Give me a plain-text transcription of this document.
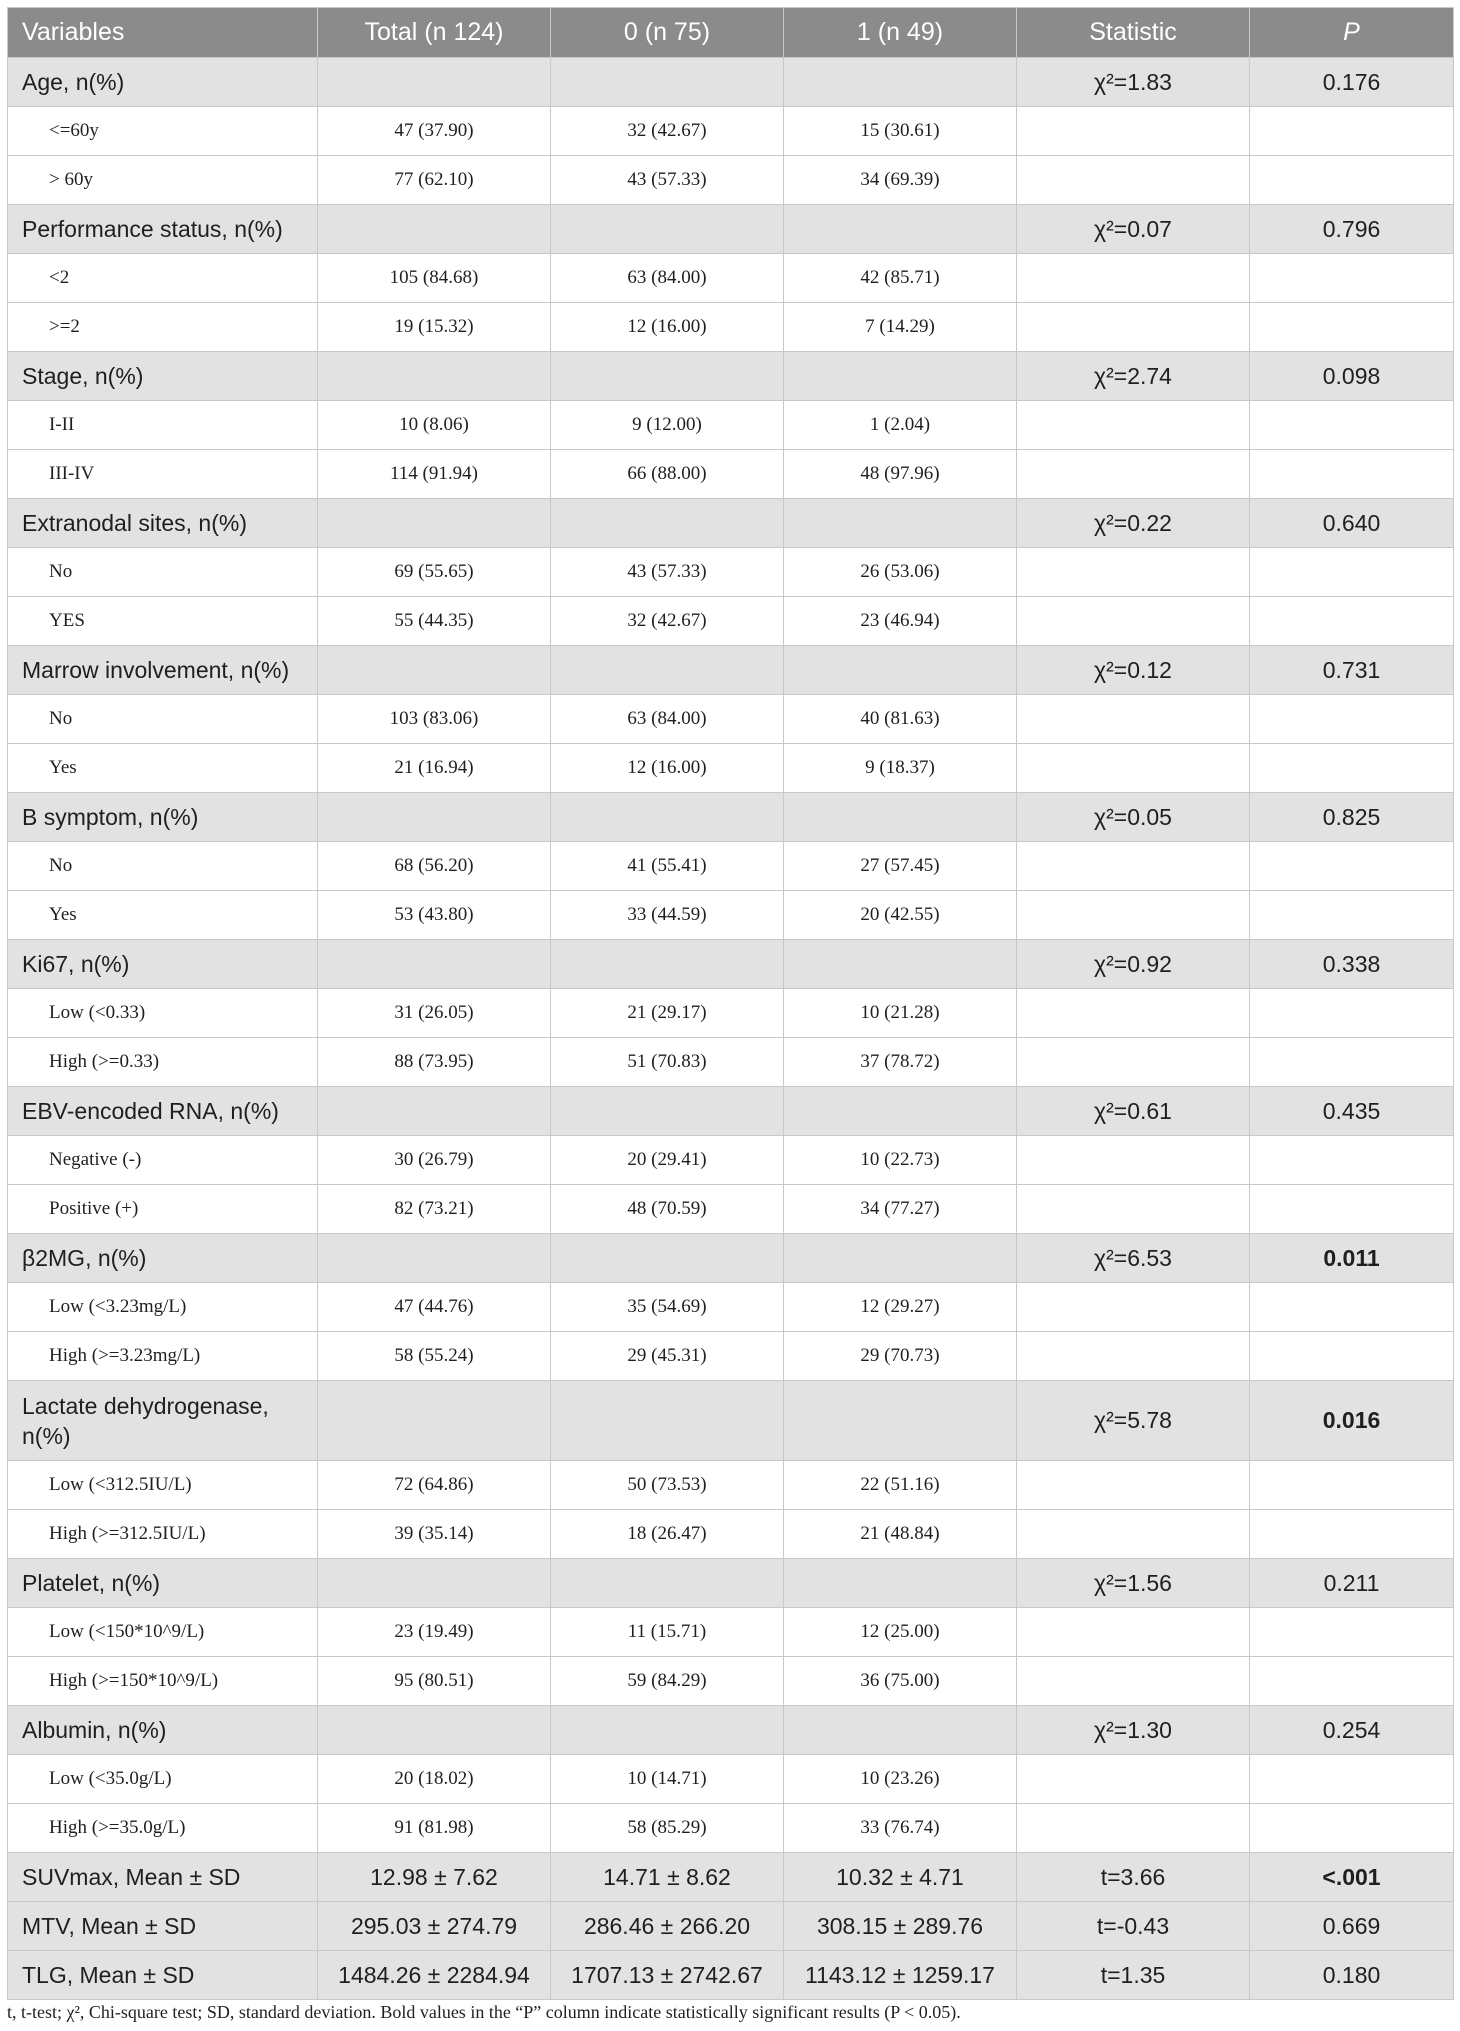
Variables	Total (n 124)	0 (n 75)	1 (n 49)	Statistic	P
Age, n(%)				χ²=1.83	0.176
<=60y	47 (37.90)	32 (42.67)	15 (30.61)		
> 60y	77 (62.10)	43 (57.33)	34 (69.39)		
Performance status, n(%)				χ²=0.07	0.796
<2	105 (84.68)	63 (84.00)	42 (85.71)		
>=2	19 (15.32)	12 (16.00)	7 (14.29)		
Stage, n(%)				χ²=2.74	0.098
I-II	10 (8.06)	9 (12.00)	1 (2.04)		
III-IV	114 (91.94)	66 (88.00)	48 (97.96)		
Extranodal sites, n(%)				χ²=0.22	0.640
No	69 (55.65)	43 (57.33)	26 (53.06)		
YES	55 (44.35)	32 (42.67)	23 (46.94)		
Marrow involvement, n(%)				χ²=0.12	0.731
No	103 (83.06)	63 (84.00)	40 (81.63)		
Yes	21 (16.94)	12 (16.00)	9 (18.37)		
B symptom, n(%)				χ²=0.05	0.825
No	68 (56.20)	41 (55.41)	27 (57.45)		
Yes	53 (43.80)	33 (44.59)	20 (42.55)		
Ki67, n(%)				χ²=0.92	0.338
Low (<0.33)	31 (26.05)	21 (29.17)	10 (21.28)		
High (>=0.33)	88 (73.95)	51 (70.83)	37 (78.72)		
EBV-encoded RNA, n(%)				χ²=0.61	0.435
Negative (-)	30 (26.79)	20 (29.41)	10 (22.73)		
Positive (+)	82 (73.21)	48 (70.59)	34 (77.27)		
β2MG, n(%)				χ²=6.53	0.011
Low (<3.23mg/L)	47 (44.76)	35 (54.69)	12 (29.27)		
High (>=3.23mg/L)	58 (55.24)	29 (45.31)	29 (70.73)		
Lactate dehydrogenase, n(%)				χ²=5.78	0.016
Low (<312.5IU/L)	72 (64.86)	50 (73.53)	22 (51.16)		
High (>=312.5IU/L)	39 (35.14)	18 (26.47)	21 (48.84)		
Platelet, n(%)				χ²=1.56	0.211
Low (<150*10^9/L)	23 (19.49)	11 (15.71)	12 (25.00)		
High (>=150*10^9/L)	95 (80.51)	59 (84.29)	36 (75.00)		
Albumin, n(%)				χ²=1.30	0.254
Low (<35.0g/L)	20 (18.02)	10 (14.71)	10 (23.26)		
High (>=35.0g/L)	91 (81.98)	58 (85.29)	33 (76.74)		
SUVmax, Mean ± SD	12.98 ± 7.62	14.71 ± 8.62	10.32 ± 4.71	t=3.66	<.001
MTV, Mean ± SD	295.03 ± 274.79	286.46 ± 266.20	308.15 ± 289.76	t=-0.43	0.669
TLG, Mean ± SD	1484.26 ± 2284.94	1707.13 ± 2742.67	1143.12 ± 1259.17	t=1.35	0.180
t, t-test; χ², Chi-square test; SD, standard deviation. Bold values in the “P” column indicate statistically significant results (P < 0.05).
